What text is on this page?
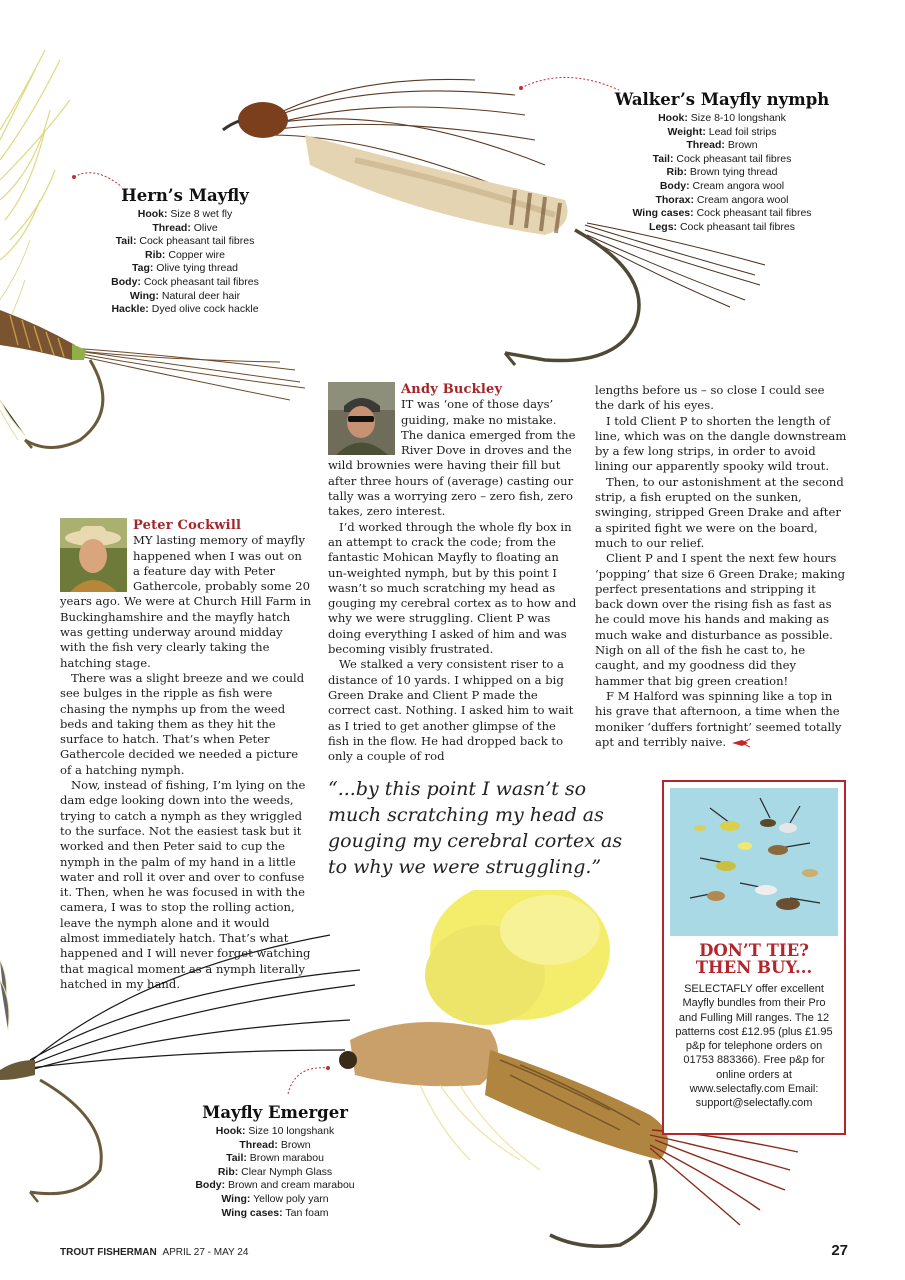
Hern’s Mayfly
Hook: Size 8 wet fly
Thread: Olive
Tail: Cock pheasant tail fibres
Rib: Copper wire
Tag: Olive tying thread
Body: Cock pheasant tail fibres
Wing: Natural deer hair
Hackle: Dyed olive cock hackle
Walker’s Mayfly nymph
Hook: Size 8-10 longshank
Weight: Lead foil strips
Thread: Brown
Tail: Cock pheasant tail fibres
Rib: Brown tying thread
Body: Cream angora wool
Thorax: Cream angora wool
Wing cases: Cock pheasant tail fibres
Legs: Cock pheasant tail fibres
Mayfly Emerger
Hook: Size 10 longshank
Thread: Brown
Tail: Brown marabou
Rib: Clear Nymph Glass
Body: Brown and cream marabou
Wing: Yellow poly yarn
Wing cases: Tan foam
Peter Cockwill

MY lasting memory of mayfly happened when I was out on a feature day with Peter Gathercole, probably some 20 years ago. We were at Church Hill Farm in Buckinghamshire and the mayfly hatch was getting underway around midday with the fish very clearly taking the hatching stage.

There was a slight breeze and we could see bulges in the ripple as fish were chasing the nymphs up from the weed beds and taking them as they hit the surface to hatch. That’s when Peter Gathercole decided we needed a picture of a hatching nymph.

Now, instead of fishing, I’m lying on the dam edge looking down into the weeds, trying to catch a nymph as they wriggled to the surface. Not the easiest task but it worked and then Peter said to cup the nymph in the palm of my hand in a little water and roll it over and over to confuse it. Then, when he was focused in with the camera, I was to stop the rolling action, leave the nymph alone and it would almost immediately hatch. That’s what happened and I will never forget watching that magical moment as a nymph literally hatched in my hand.

Andy Buckley

IT was ‘one of those days’ guiding, make no mistake. The danica emerged from the River Dove in droves and the wild brownies were having their fill but after three hours of (average) casting our tally was a worrying zero – zero fish, zero takes, zero interest.

I’d worked through the whole fly box in an attempt to crack the code; from the fantastic Mohican Mayfly to floating an un-weighted nymph, but by this point I wasn’t so much scratching my head as gouging my cerebral cortex as to how and why we were struggling. Client P was doing everything I asked of him and was becoming visibly frustrated.

We stalked a very consistent riser to a distance of 10 yards. I whipped on a big Green Drake and Client P made the correct cast. Nothing. I asked him to wait as I tried to get another glimpse of the fish in the flow. He had dropped back to only a couple of rod

lengths before us – so close I could see the dark of his eyes.

I told Client P to shorten the length of line, which was on the dangle downstream by a few long strips, in order to avoid lining our apparently spooky wild trout.

Then, to our astonishment at the second strip, a fish erupted on the sunken, swinging, stripped Green Drake and after a spirited fight we were on the board, much to our relief.

Client P and I spent the next few hours ‘popping’ that size 6 Green Drake; making perfect presentations and stripping it back down over the rising fish as fast as he could move his hands and making as much wake and disturbance as possible. Nigh on all of the fish he cast to, he caught, and my goodness did they hammer that big green creation!

F M Halford was spinning like a top in his grave that afternoon, a time when the moniker ‘duffers fortnight’ seemed totally apt and terribly naive.

“...by this point I wasn’t so much scratching my head as gouging my cerebral cortex as to why we were struggling.”
DON’T TIE? THEN BUY...
SELECTAFLY offer excellent Mayfly bundles from their Pro and Fulling Mill ranges. The 12 patterns cost £12.95 (plus £1.95 p&p for telephone orders on 01753 883366). Free p&p for online orders at www.selectafly.com Email: support@selectafly.com
TROUT FISHERMAN APRIL 27 - MAY 24	27
